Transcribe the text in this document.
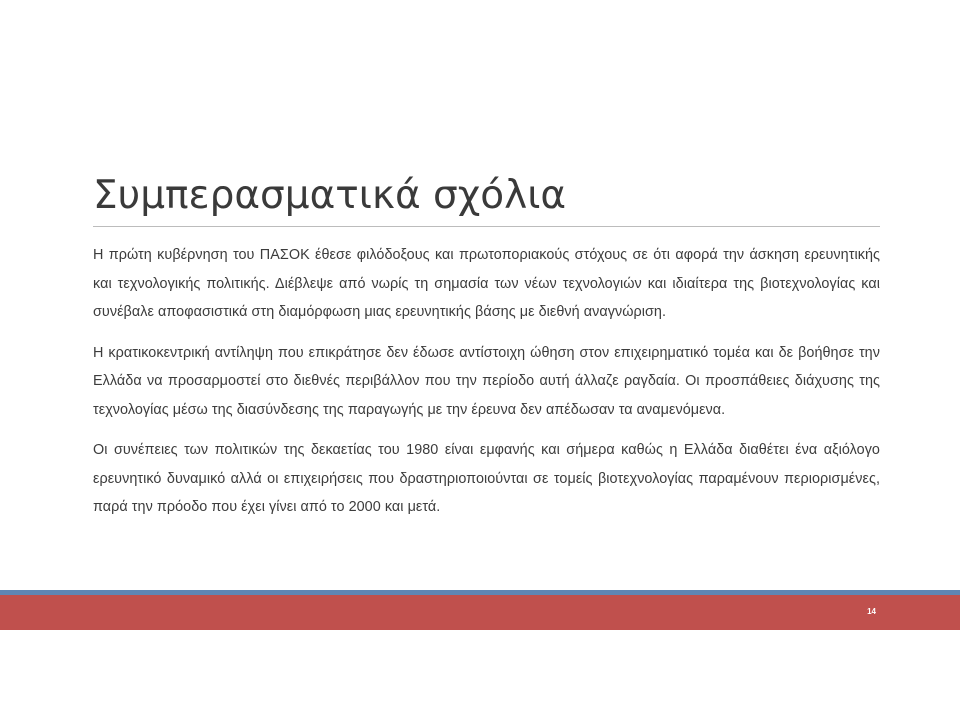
Συμπερασματικά σχόλια

Η πρώτη κυβέρνηση του ΠΑΣΟΚ έθεσε φιλόδοξους και πρωτοποριακούς στόχους σε ότι αφορά την άσκηση ερευνητικής και τεχνολογικής πολιτικής. Διέβλεψε από νωρίς τη σημασία των νέων τεχνολογιών και ιδιαίτερα της βιοτεχνολογίας και συνέβαλε αποφασιστικά στη διαμόρφωση μιας ερευνητικής βάσης με διεθνή αναγνώριση.

Η κρατικοκεντρική αντίληψη που επικράτησε δεν έδωσε αντίστοιχη ώθηση στον επιχειρηματικό τομέα και δε βοήθησε την Ελλάδα να προσαρμοστεί στο διεθνές περιβάλλον που την περίοδο αυτή άλλαζε ραγδαία. Οι προσπάθειες διάχυσης της τεχνολογίας μέσω της διασύνδεσης της παραγωγής με την έρευνα δεν απέδωσαν τα αναμενόμενα.

Οι συνέπειες των πολιτικών της δεκαετίας του 1980 είναι εμφανής και σήμερα καθώς η Ελλάδα διαθέτει ένα αξιόλογο ερευνητικό δυναμικό αλλά οι επιχειρήσεις που δραστηριοποιούνται σε τομείς βιοτεχνολογίας παραμένουν περιορισμένες, παρά την πρόοδο που έχει γίνει από το 2000 και μετά.

14
